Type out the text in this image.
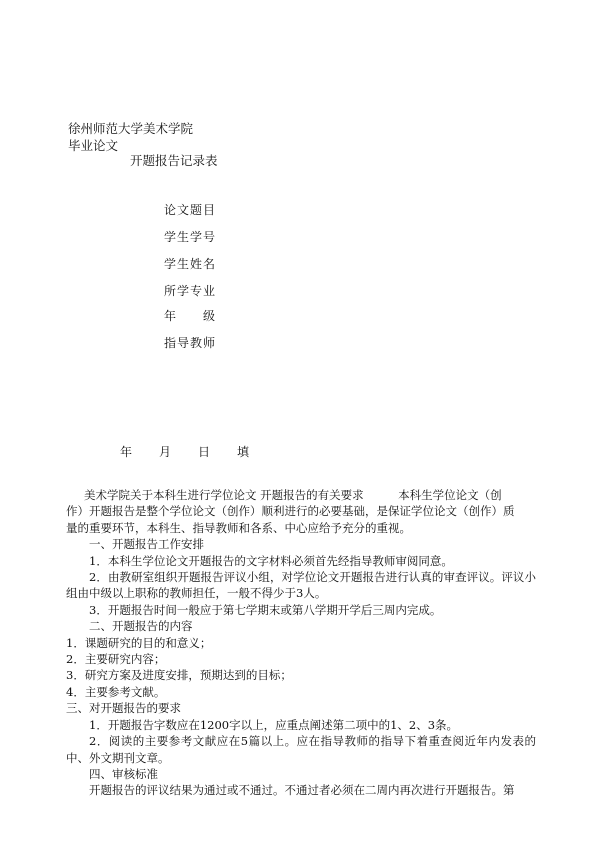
徐州师范大学美术学院
毕业论文
开题报告记录表
论文题目
学生学号
学生姓名
所学专业
年　　级
指导教师
年　　月　　日　　填

美术学院关于本科生进行学位论文 开题报告的有关要求　　　本科生学位论文（创

作）开题报告是整个学位论文（创作）顺利进行的必要基础，是保证学位论文（创作）质

量的重要环节，本科生、指导教师和各系、中心应给予充分的重视。

一、开题报告工作安排

1．本科生学位论文开题报告的文字材料必须首先经指导教师审阅同意。

2．由教研室组织开题报告评议小组，对学位论文开题报告进行认真的审查评议。评议小组由中级以上职称的教师担任，一般不得少于3人。

3．开题报告时间一般应于第七学期末或第八学期开学后三周内完成。

二、开题报告的内容

1．课题研究的目的和意义；

2．主要研究内容；

3．研究方案及进度安排，预期达到的目标；

4．主要参考文献。

三、对开题报告的要求

1．开题报告字数应在1200字以上，应重点阐述第二项中的1、2、3条。

2．阅读的主要参考文献应在5篇以上。应在指导教师的指导下着重查阅近年内发表的中、外文期刊文章。

四、审核标准

开题报告的评议结果为通过或不通过。不通过者必须在二周内再次进行开题报告。第
